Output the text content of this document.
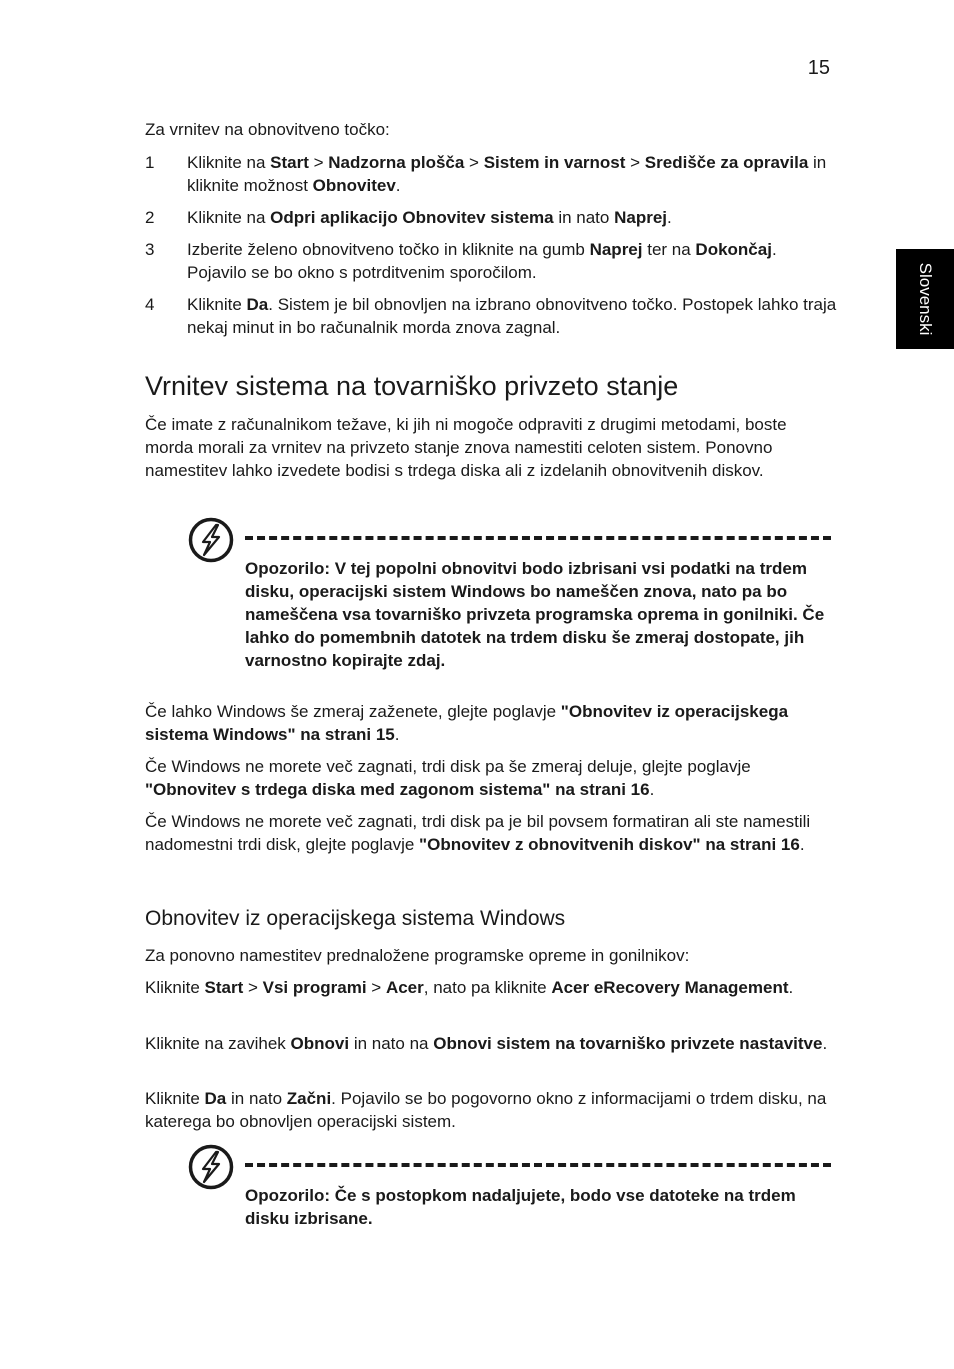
15
Slovenski
Za vrnitev na obnovitveno točko:
1 Kliknite na Start > Nadzorna plošča > Sistem in varnost > Središče za opravila in kliknite možnost Obnovitev.
2 Kliknite na Odpri aplikacijo Obnovitev sistema in nato Naprej.
3 Izberite želeno obnovitveno točko in kliknite na gumb Naprej ter na Dokončaj. Pojavilo se bo okno s potrditvenim sporočilom.
4 Kliknite Da. Sistem je bil obnovljen na izbrano obnovitveno točko. Postopek lahko traja nekaj minut in bo računalnik morda znova zagnal.
Vrnitev sistema na tovarniško privzeto stanje
Če imate z računalnikom težave, ki jih ni mogoče odpraviti z drugimi metodami, boste morda morali za vrnitev na privzeto stanje znova namestiti celoten sistem. Ponovno namestitev lahko izvedete bodisi s trdega diska ali z izdelanih obnovitvenih diskov.
Opozorilo: V tej popolni obnovitvi bodo izbrisani vsi podatki na trdem disku, operacijski sistem Windows bo nameščen znova, nato pa bo nameščena vsa tovarniško privzeta programska oprema in gonilniki. Če lahko do pomembnih datotek na trdem disku še zmeraj dostopate, jih varnostno kopirajte zdaj.
Če lahko Windows še zmeraj zaženete, glejte poglavje "Obnovitev iz operacijskega sistema Windows" na strani 15.
Če Windows ne morete več zagnati, trdi disk pa še zmeraj deluje, glejte poglavje "Obnovitev s trdega diska med zagonom sistema" na strani 16.
Če Windows ne morete več zagnati, trdi disk pa je bil povsem formatiran ali ste namestili nadomestni trdi disk, glejte poglavje "Obnovitev z obnovitvenih diskov" na strani 16.
Obnovitev iz operacijskega sistema Windows
Za ponovno namestitev prednaložene programske opreme in gonilnikov:
Kliknite Start > Vsi programi > Acer, nato pa kliknite Acer eRecovery Management.
Kliknite na zavihek Obnovi in nato na Obnovi sistem na tovarniško privzete nastavitve.
Kliknite Da in nato Začni. Pojavilo se bo pogovorno okno z informacijami o trdem disku, na katerega bo obnovljen operacijski sistem.
Opozorilo: Če s postopkom nadaljujete, bodo vse datoteke na trdem disku izbrisane.
